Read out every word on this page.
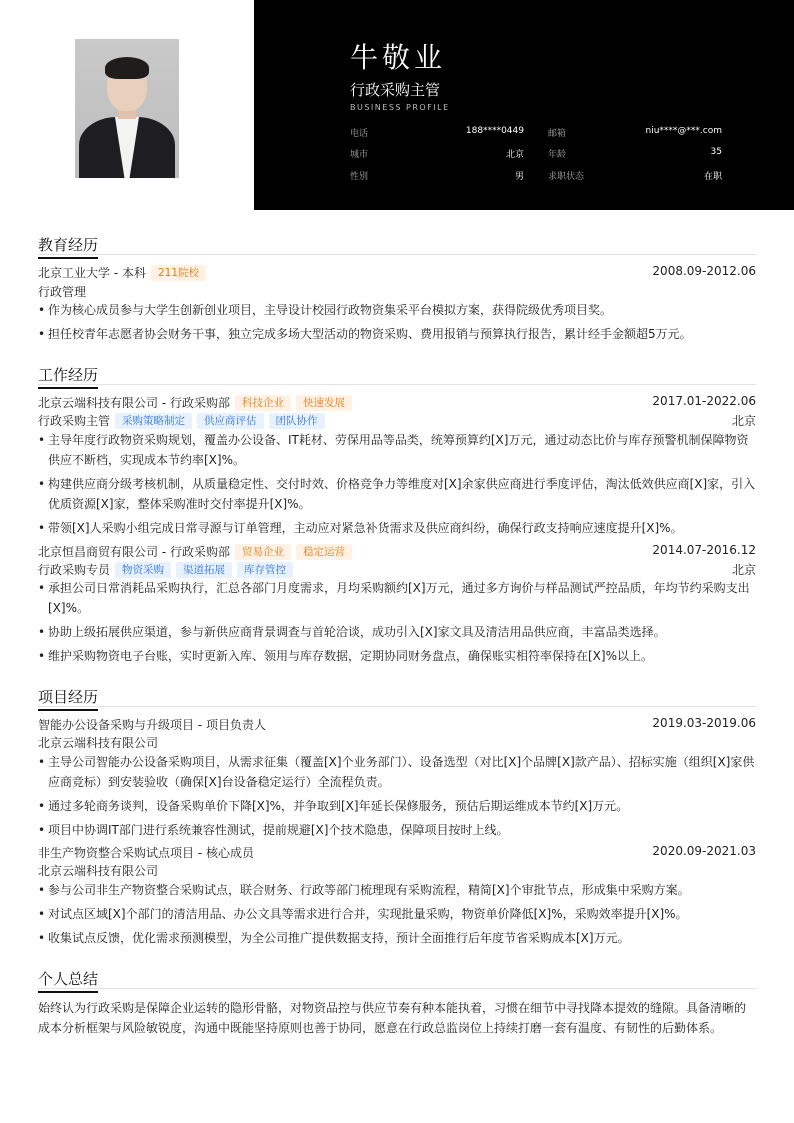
牛敬业
行政采购主管
BUSINESS PROFILE
电话	188****0449	邮箱	niu****@***.com
城市	北京	年龄	35
性别	男	求职状态	在职
教育经历
北京工业大学 - 本科 211院校	2008.09-2012.06
行政管理
• 作为核心成员参与大学生创新创业项目，主导设计校园行政物资集采平台模拟方案，获得院级优秀项目奖。
• 担任校青年志愿者协会财务干事，独立完成多场大型活动的物资采购、费用报销与预算执行报告，累计经手金额超5万元。
工作经历
北京云端科技有限公司 - 行政采购部 科技企业 快速发展	2017.01-2022.06
行政采购主管 采购策略制定 供应商评估 团队协作	北京
• 主导年度行政物资采购规划，覆盖办公设备、IT耗材、劳保用品等品类，统筹预算约[X]万元，通过动态比价与库存预警机制保障物资供应不断档，实现成本节约率[X]%。
• 构建供应商分级考核机制，从质量稳定性、交付时效、价格竞争力等维度对[X]余家供应商进行季度评估，淘汰低效供应商[X]家，引入优质资源[X]家，整体采购准时交付率提升[X]%。
• 带领[X]人采购小组完成日常寻源与订单管理，主动应对紧急补货需求及供应商纠纷，确保行政支持响应速度提升[X]%。
北京恒昌商贸有限公司 - 行政采购部 贸易企业 稳定运营	2014.07-2016.12
行政采购专员 物资采购 渠道拓展 库存管控	北京
• 承担公司日常消耗品采购执行，汇总各部门月度需求，月均采购额约[X]万元，通过多方询价与样品测试严控品质，年均节约采购支出[X]%。
• 协助上级拓展供应渠道，参与新供应商背景调查与首轮洽谈，成功引入[X]家文具及清洁用品供应商，丰富品类选择。
• 维护采购物资电子台账，实时更新入库、领用与库存数据，定期协同财务盘点，确保账实相符率保持在[X]%以上。
项目经历
智能办公设备采购与升级项目 - 项目负责人	2019.03-2019.06
北京云端科技有限公司
• 主导公司智能办公设备采购项目，从需求征集（覆盖[X]个业务部门）、设备选型（对比[X]个品牌[X]款产品）、招标实施（组织[X]家供应商竞标）到安装验收（确保[X]台设备稳定运行）全流程负责。
• 通过多轮商务谈判，设备采购单价下降[X]%，并争取到[X]年延长保修服务，预估后期运维成本节约[X]万元。
• 项目中协调IT部门进行系统兼容性测试，提前规避[X]个技术隐患，保障项目按时上线。
非生产物资整合采购试点项目 - 核心成员	2020.09-2021.03
北京云端科技有限公司
• 参与公司非生产物资整合采购试点，联合财务、行政等部门梳理现有采购流程，精简[X]个审批节点，形成集中采购方案。
• 对试点区域[X]个部门的清洁用品、办公文具等需求进行合并，实现批量采购，物资单价降低[X]%，采购效率提升[X]%。
• 收集试点反馈，优化需求预测模型，为全公司推广提供数据支持，预计全面推行后年度节省采购成本[X]万元。
个人总结
始终认为行政采购是保障企业运转的隐形骨骼，对物资品控与供应节奏有种本能执着，习惯在细节中寻找降本提效的缝隙。具备清晰的成本分析框架与风险敏锐度，沟通中既能坚持原则也善于协同，愿意在行政总监岗位上持续打磨一套有温度、有韧性的后勤体系。
